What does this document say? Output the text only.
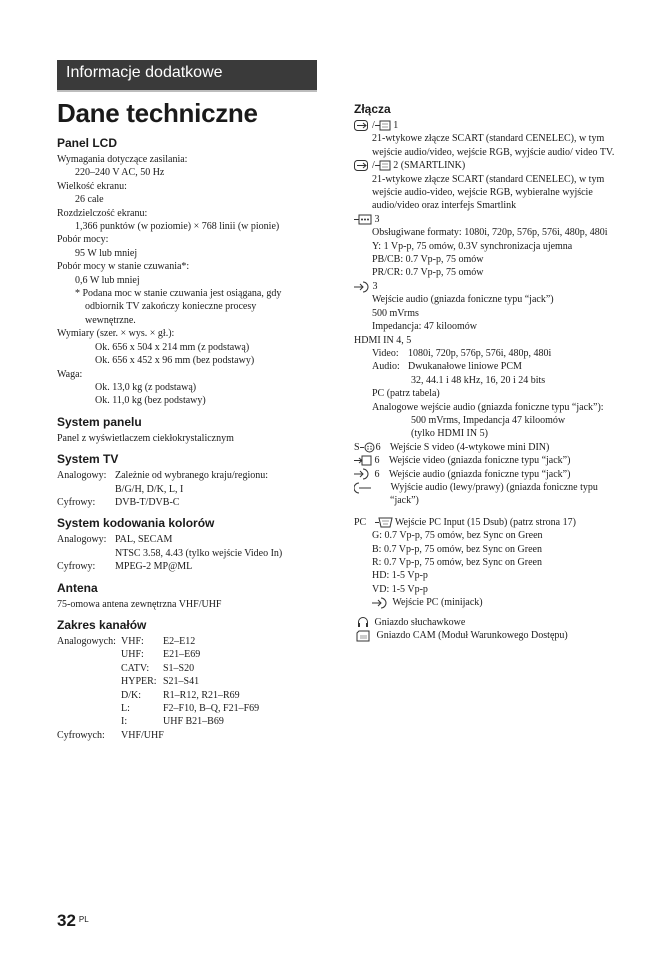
Informacje dodatkowe
Dane techniczne
Panel LCD
Wymagania dotyczące zasilania:
220–240 V AC, 50 Hz
Wielkość ekranu:
26 cale
Rozdzielczość ekranu:
1,366 punktów (w poziomie) × 768 linii (w pionie)
Pobór mocy:
95 W lub mniej
Pobór mocy w stanie czuwania*:
0,6 W lub mniej
* Podana moc w stanie czuwania jest osiągana, gdy
odbiornik TV zakończy konieczne procesy
wewnętrzne.
Wymiary (szer. × wys. × gł.):
Ok. 656 x 504 x 214 mm (z podstawą)
Ok. 656 x 452 x 96 mm (bez podstawy)
Waga:
Ok. 13,0 kg (z podstawą)
Ok. 11,0 kg (bez podstawy)
System panelu
Panel z wyświetlaczem ciekłokrystalicznym
System TV
Analogowy: Zależnie od wybranego kraju/regionu:
B/G/H, D/K, L, I
Cyfrowy: DVB-T/DVB-C
System kodowania kolorów
Analogowy: PAL, SECAM
NTSC 3.58, 4.43 (tylko wejście Video In)
Cyfrowy: MPEG-2 MP@ML
Antena
75-omowa antena zewnętrzna VHF/UHF
Zakres kanałów
Analogowych: VHF: E2–E12
UHF: E21–E69
CATV: S1–S20
HYPER: S21–S41
D/K: R1–R12, R21–R69
L:	F2–F10, B–Q, F21–F69
I:	UHF B21–B69
Cyfrowych: VHF/UHF
Złącza
/ 1
21-wtykowe złącze SCART (standard CENELEC), w tym wejście audio/video, wejście RGB, wyjście audio/ video TV.
/ 2 (SMARTLINK)
21-wtykowe złącze SCART (standard CENELEC), w tym wejście audio-video, wejście RGB, wybieralne wyjście audio/video oraz interfejs Smartlink
3
Obsługiwane formaty: 1080i, 720p, 576p, 576i, 480p, 480i
Y: 1 Vp-p, 75 omów, 0.3V synchronizacja ujemna
PB/CB: 0.7 Vp-p, 75 omów
PR/CR: 0.7 Vp-p, 75 omów
3
Wejście audio (gniazda foniczne typu “jack”)
500 mVrms
Impedancja: 47 kiloomów
HDMI IN 4, 5
Video: 1080i, 720p, 576p, 576i, 480p, 480i
Audio: Dwukanałowe liniowe PCM
32, 44.1 i 48 kHz, 16, 20 i 24 bits
PC (patrz tabela)
Analogowe wejście audio (gniazda foniczne typu “jack”):
500 mVrms, Impedancja 47 kiloomów
(tylko HDMI IN 5)
S 6 Wejście S video (4-wtykowe mini DIN)
6 Wejście video (gniazda foniczne typu “jack”)
6 Wejście audio (gniazda foniczne typu “jack”)
Wyjście audio (lewy/prawy) (gniazda foniczne typu
“jack”)
PC	Wejście PC Input (15 Dsub) (patrz strona 17)
G: 0.7 Vp-p, 75 omów, bez Sync on Green
B: 0.7 Vp-p, 75 omów, bez Sync on Green
R: 0.7 Vp-p, 75 omów, bez Sync on Green
HD: 1-5 Vp-p
VD: 1-5 Vp-p
Wejście PC (minijack)
Gniazdo słuchawkowe
Gniazdo CAM (Moduł Warunkowego Dostępu)
32 $^{PL}$
